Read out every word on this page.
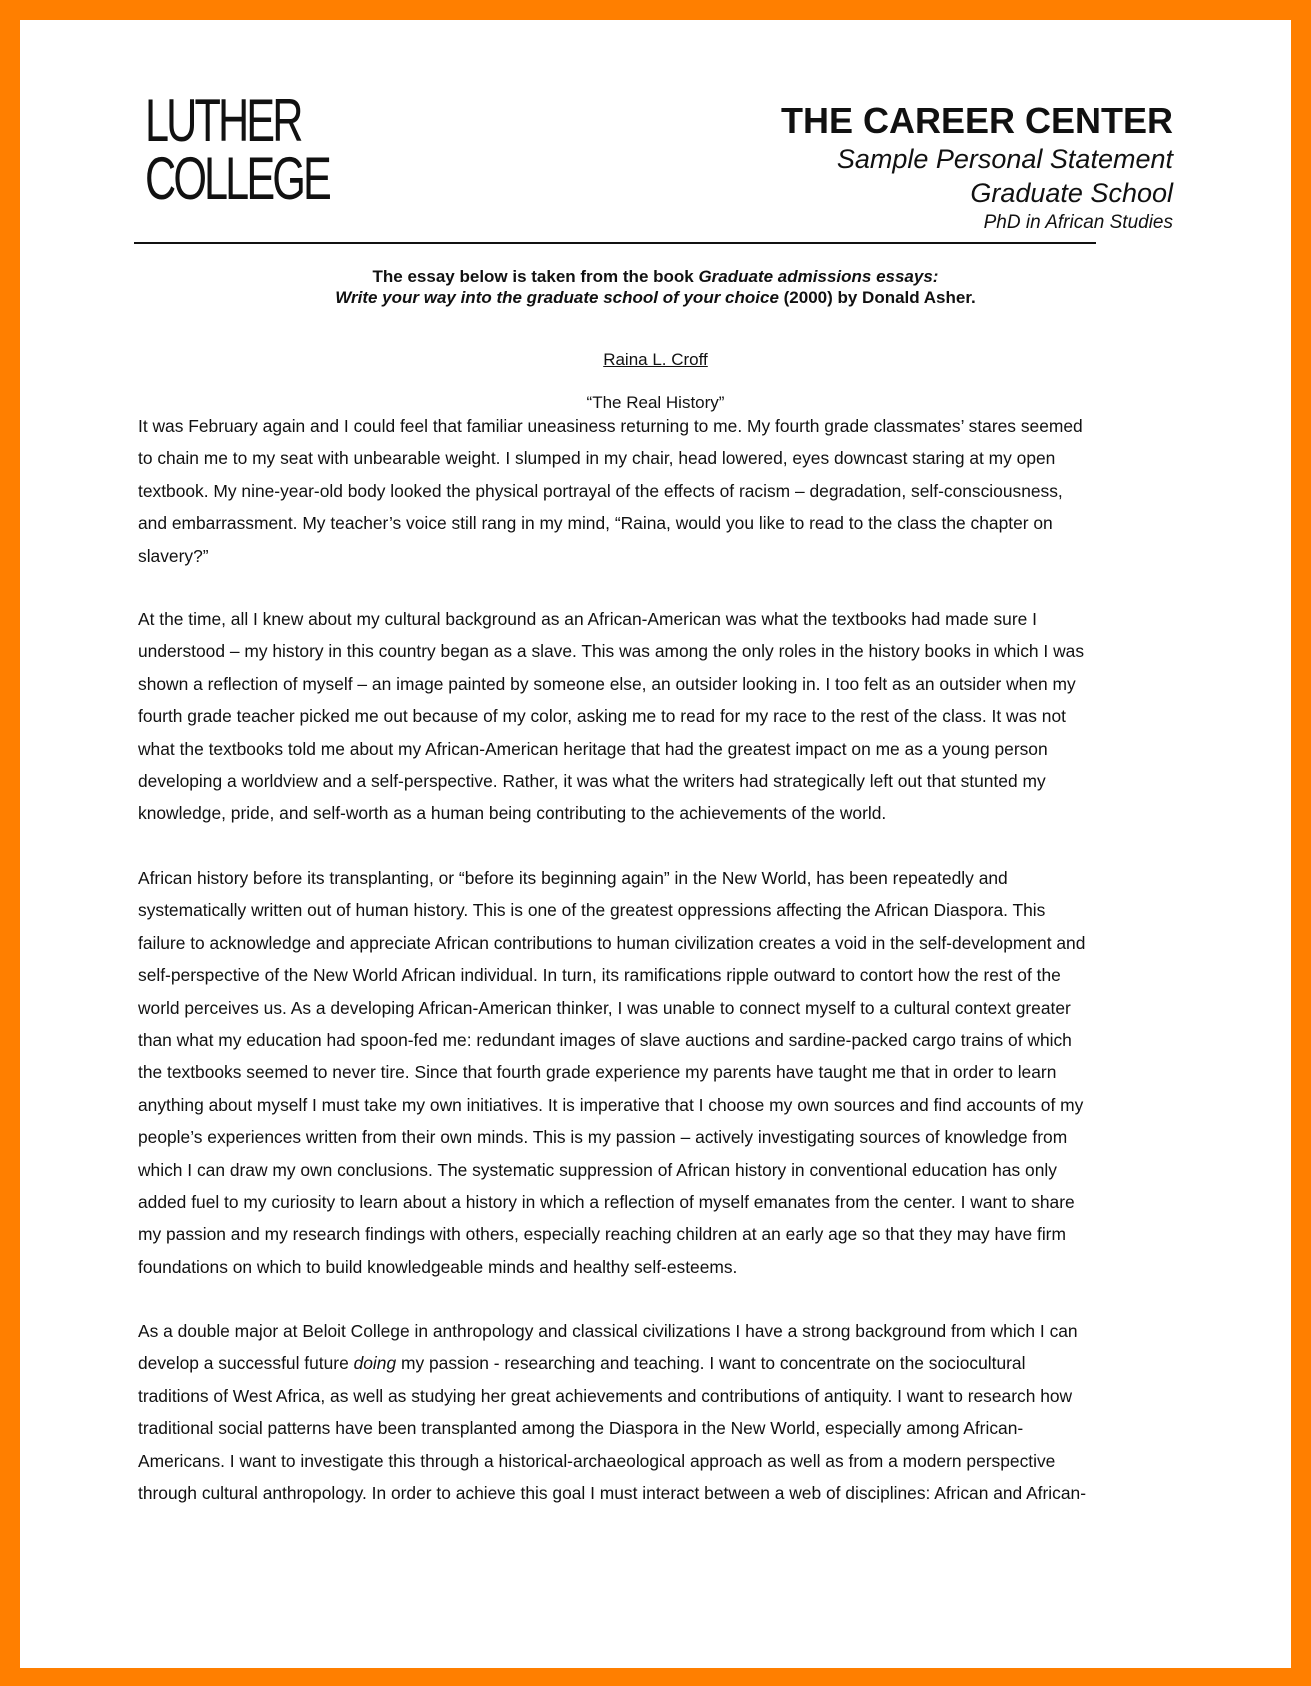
LUTHER
COLLEGE
THE CAREER CENTER
Sample Personal Statement
Graduate School
PhD in African Studies
The essay below is taken from the book Graduate admissions essays:
Write your way into the graduate school of your choice (2000) by Donald Asher.
Raina L. Croff
“The Real History”
It was February again and I could feel that familiar uneasiness returning to me. My fourth grade classmates’ stares seemed
to chain me to my seat with unbearable weight. I slumped in my chair, head lowered, eyes downcast staring at my open
textbook. My nine-year-old body looked the physical portrayal of the effects of racism – degradation, self-consciousness,
and embarrassment. My teacher’s voice still rang in my mind, “Raina, would you like to read to the class the chapter on
slavery?”
At the time, all I knew about my cultural background as an African-American was what the textbooks had made sure I
understood – my history in this country began as a slave. This was among the only roles in the history books in which I was
shown a reflection of myself – an image painted by someone else, an outsider looking in. I too felt as an outsider when my
fourth grade teacher picked me out because of my color, asking me to read for my race to the rest of the class. It was not
what the textbooks told me about my African-American heritage that had the greatest impact on me as a young person
developing a worldview and a self-perspective. Rather, it was what the writers had strategically left out that stunted my
knowledge, pride, and self-worth as a human being contributing to the achievements of the world.
African history before its transplanting, or “before its beginning again” in the New World, has been repeatedly and
systematically written out of human history. This is one of the greatest oppressions affecting the African Diaspora. This
failure to acknowledge and appreciate African contributions to human civilization creates a void in the self-development and
self-perspective of the New World African individual. In turn, its ramifications ripple outward to contort how the rest of the
world perceives us. As a developing African-American thinker, I was unable to connect myself to a cultural context greater
than what my education had spoon-fed me: redundant images of slave auctions and sardine-packed cargo trains of which
the textbooks seemed to never tire. Since that fourth grade experience my parents have taught me that in order to learn
anything about myself I must take my own initiatives. It is imperative that I choose my own sources and find accounts of my
people’s experiences written from their own minds. This is my passion – actively investigating sources of knowledge from
which I can draw my own conclusions. The systematic suppression of African history in conventional education has only
added fuel to my curiosity to learn about a history in which a reflection of myself emanates from the center. I want to share
my passion and my research findings with others, especially reaching children at an early age so that they may have firm
foundations on which to build knowledgeable minds and healthy self-esteems.
As a double major at Beloit College in anthropology and classical civilizations I have a strong background from which I can
develop a successful future doing my passion - researching and teaching. I want to concentrate on the sociocultural
traditions of West Africa, as well as studying her great achievements and contributions of antiquity. I want to research how
traditional social patterns have been transplanted among the Diaspora in the New World, especially among African-
Americans. I want to investigate this through a historical-archaeological approach as well as from a modern perspective
through cultural anthropology. In order to achieve this goal I must interact between a web of disciplines: African and African-
